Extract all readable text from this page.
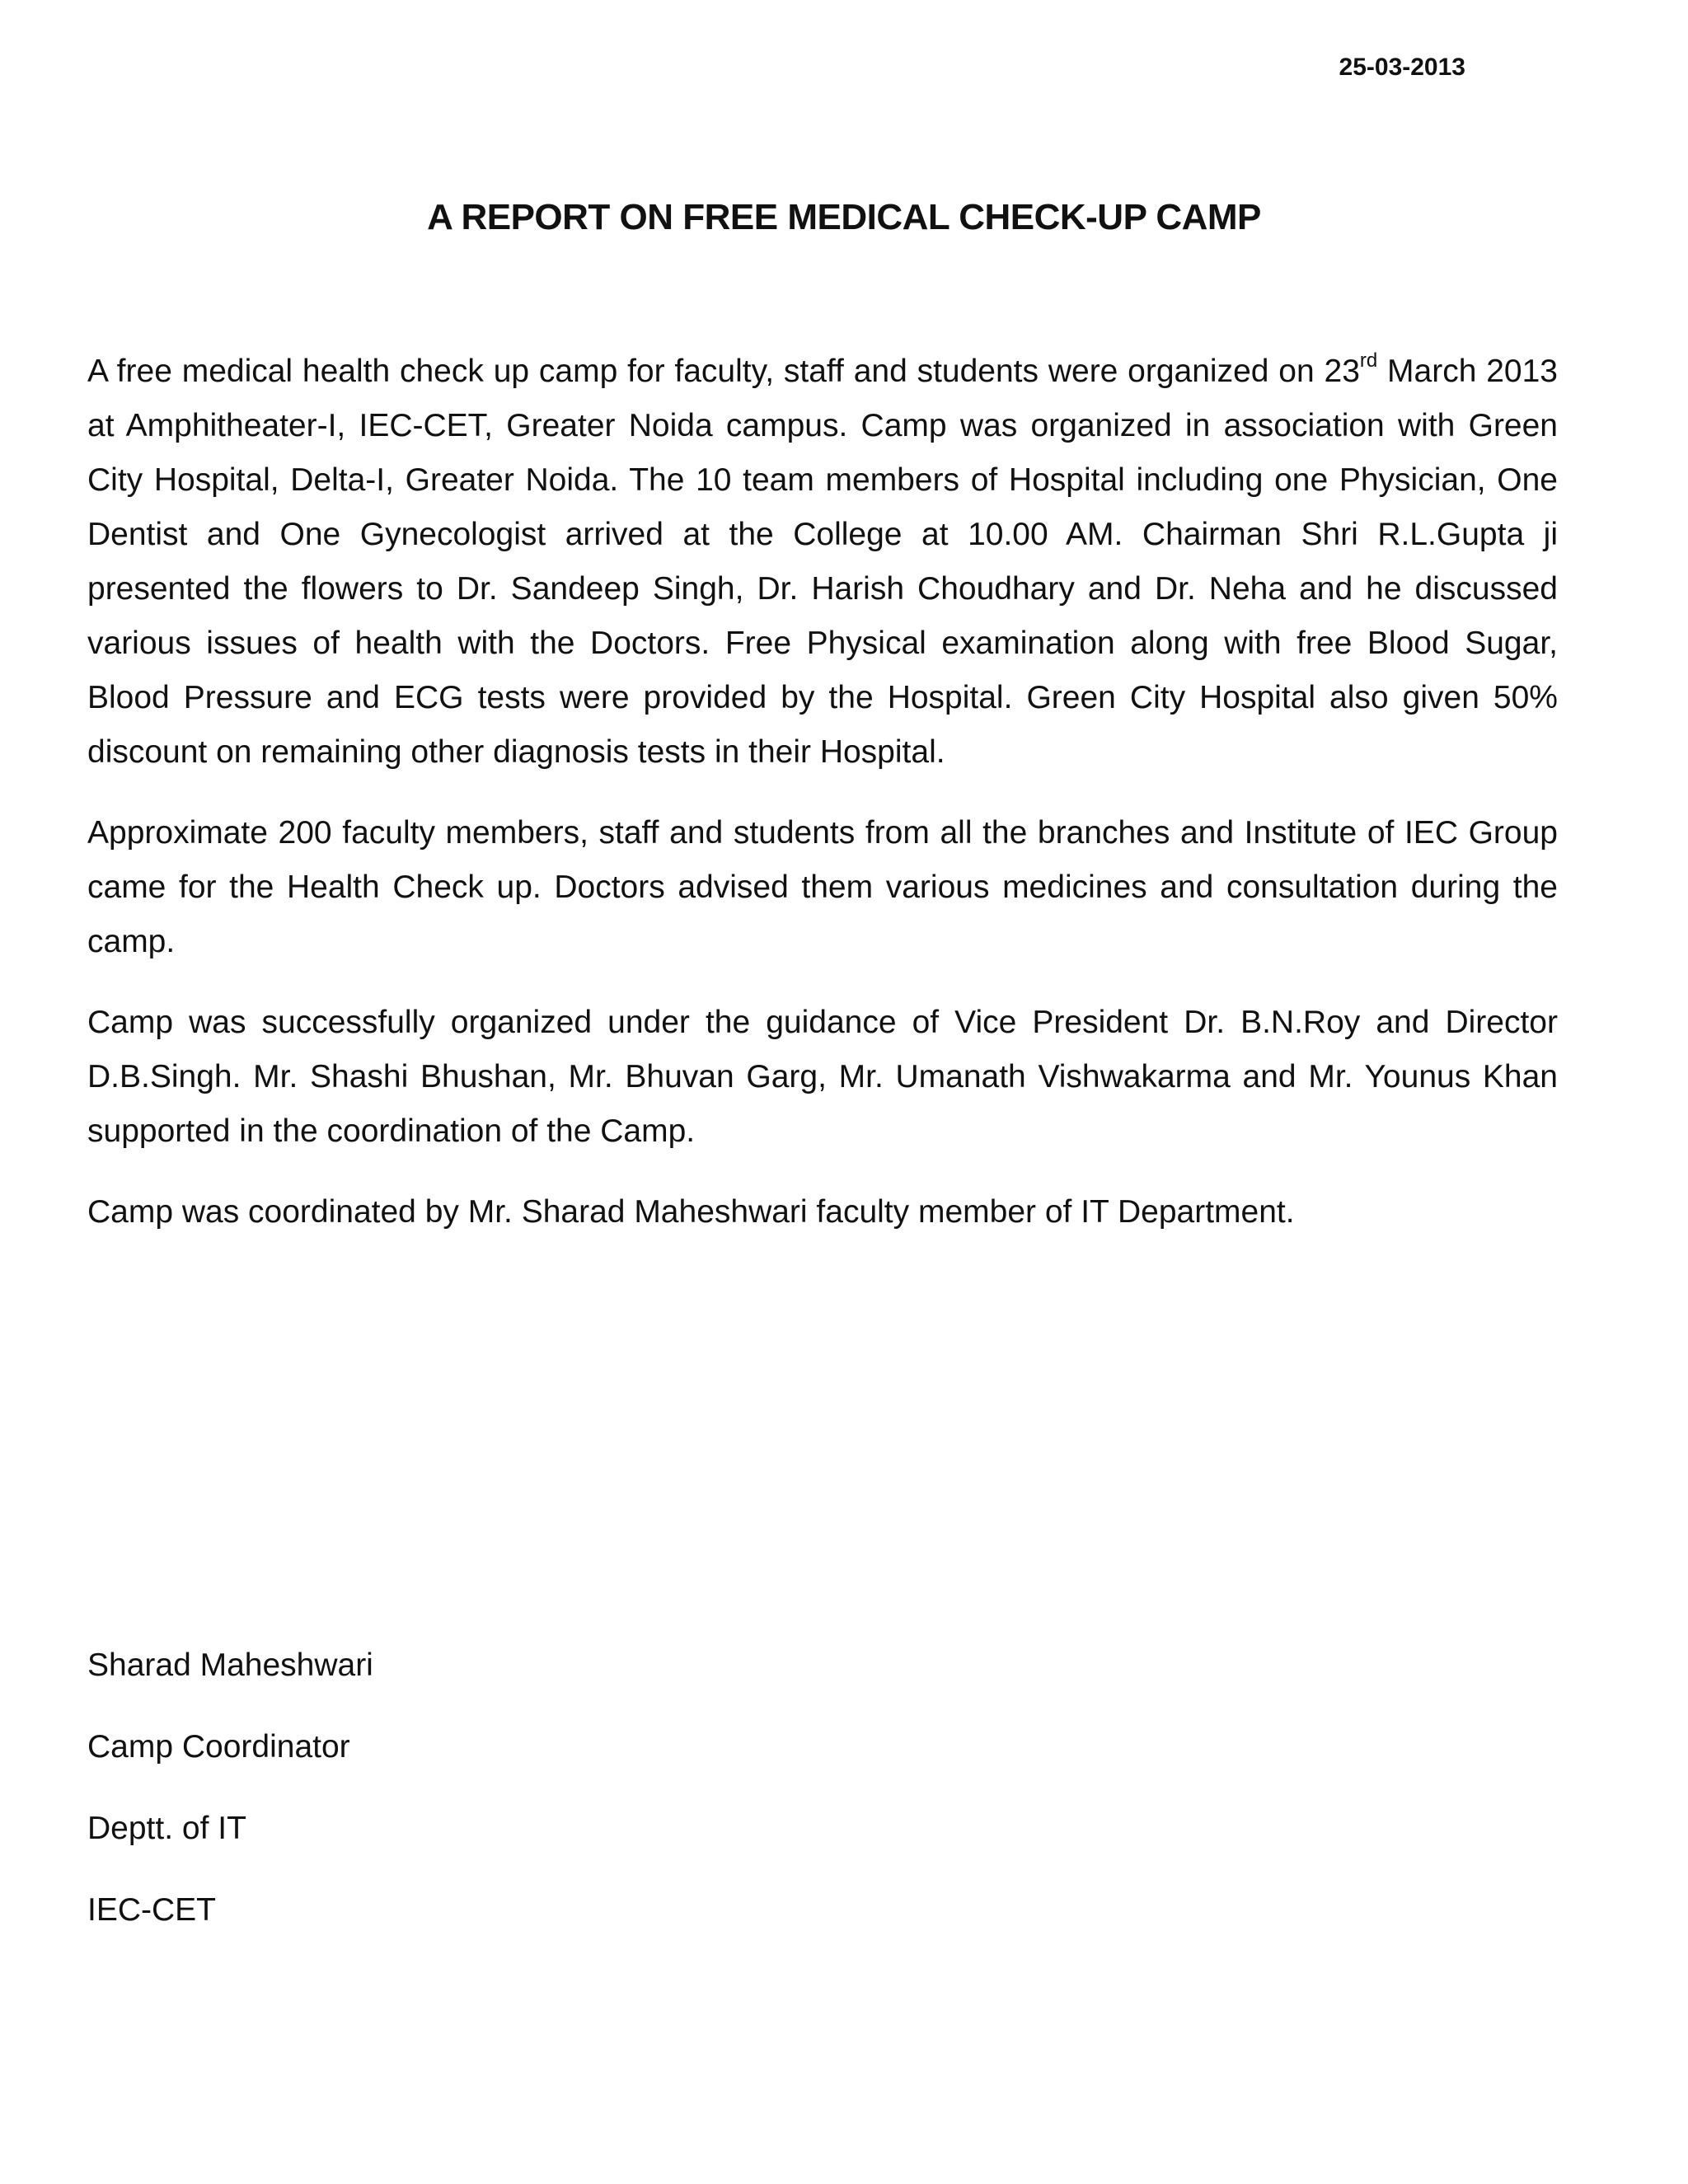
25-03-2013
A REPORT ON FREE MEDICAL CHECK-UP CAMP

A free medical health check up camp for faculty, staff and students were organized on 23rd March 2013 at Amphitheater-I, IEC-CET, Greater Noida campus. Camp was organized in association with Green City Hospital, Delta-I, Greater Noida. The 10 team members of Hospital including one Physician, One Dentist and One Gynecologist arrived at the College at 10.00 AM. Chairman Shri R.L.Gupta ji presented the flowers to Dr. Sandeep Singh, Dr. Harish Choudhary and Dr. Neha and he discussed various issues of health with the Doctors. Free Physical examination along with free Blood Sugar, Blood Pressure and ECG tests were provided by the Hospital. Green City Hospital also given 50% discount on remaining other diagnosis tests in their Hospital.

Approximate 200 faculty members, staff and students from all the branches and Institute of IEC Group came for the Health Check up. Doctors advised them various medicines and consultation during the camp.

Camp was successfully organized under the guidance of Vice President Dr. B.N.Roy and Director D.B.Singh. Mr. Shashi Bhushan, Mr. Bhuvan Garg, Mr. Umanath Vishwakarma and Mr. Younus Khan supported in the coordination of the Camp.

Camp was coordinated by Mr. Sharad Maheshwari faculty member of IT Department.

Sharad Maheshwari
Camp Coordinator
Deptt. of IT
IEC-CET
